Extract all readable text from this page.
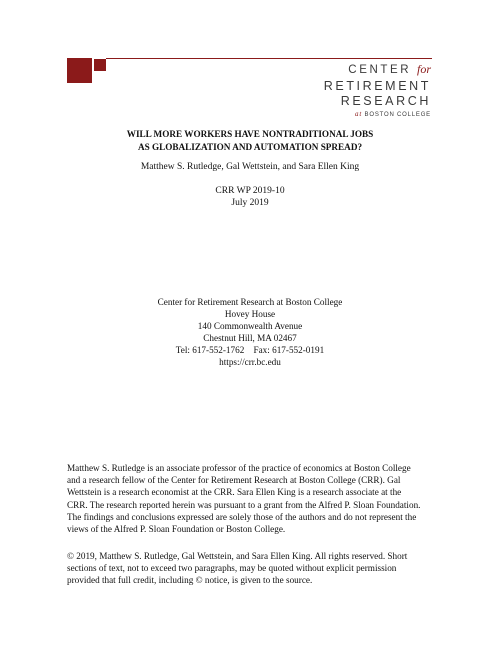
CENTER for
RETIREMENT
RESEARCH
at BOSTON COLLEGE
WILL MORE WORKERS HAVE NONTRADITIONAL JOBS
AS GLOBALIZATION AND AUTOMATION SPREAD?
Matthew S. Rutledge, Gal Wettstein, and Sara Ellen King
CRR WP 2019-10
July 2019
Center for Retirement Research at Boston College
Hovey House
140 Commonwealth Avenue
Chestnut Hill, MA 02467
Tel: 617-552-1762    Fax: 617-552-0191
https://crr.bc.edu
Matthew S. Rutledge is an associate professor of the practice of economics at Boston College
and a research fellow of the Center for Retirement Research at Boston College (CRR). Gal
Wettstein is a research economist at the CRR. Sara Ellen King is a research associate at the
CRR. The research reported herein was pursuant to a grant from the Alfred P. Sloan Foundation.
The findings and conclusions expressed are solely those of the authors and do not represent the
views of the Alfred P. Sloan Foundation or Boston College.
© 2019, Matthew S. Rutledge, Gal Wettstein, and Sara Ellen King. All rights reserved. Short
sections of text, not to exceed two paragraphs, may be quoted without explicit permission
provided that full credit, including © notice, is given to the source.
